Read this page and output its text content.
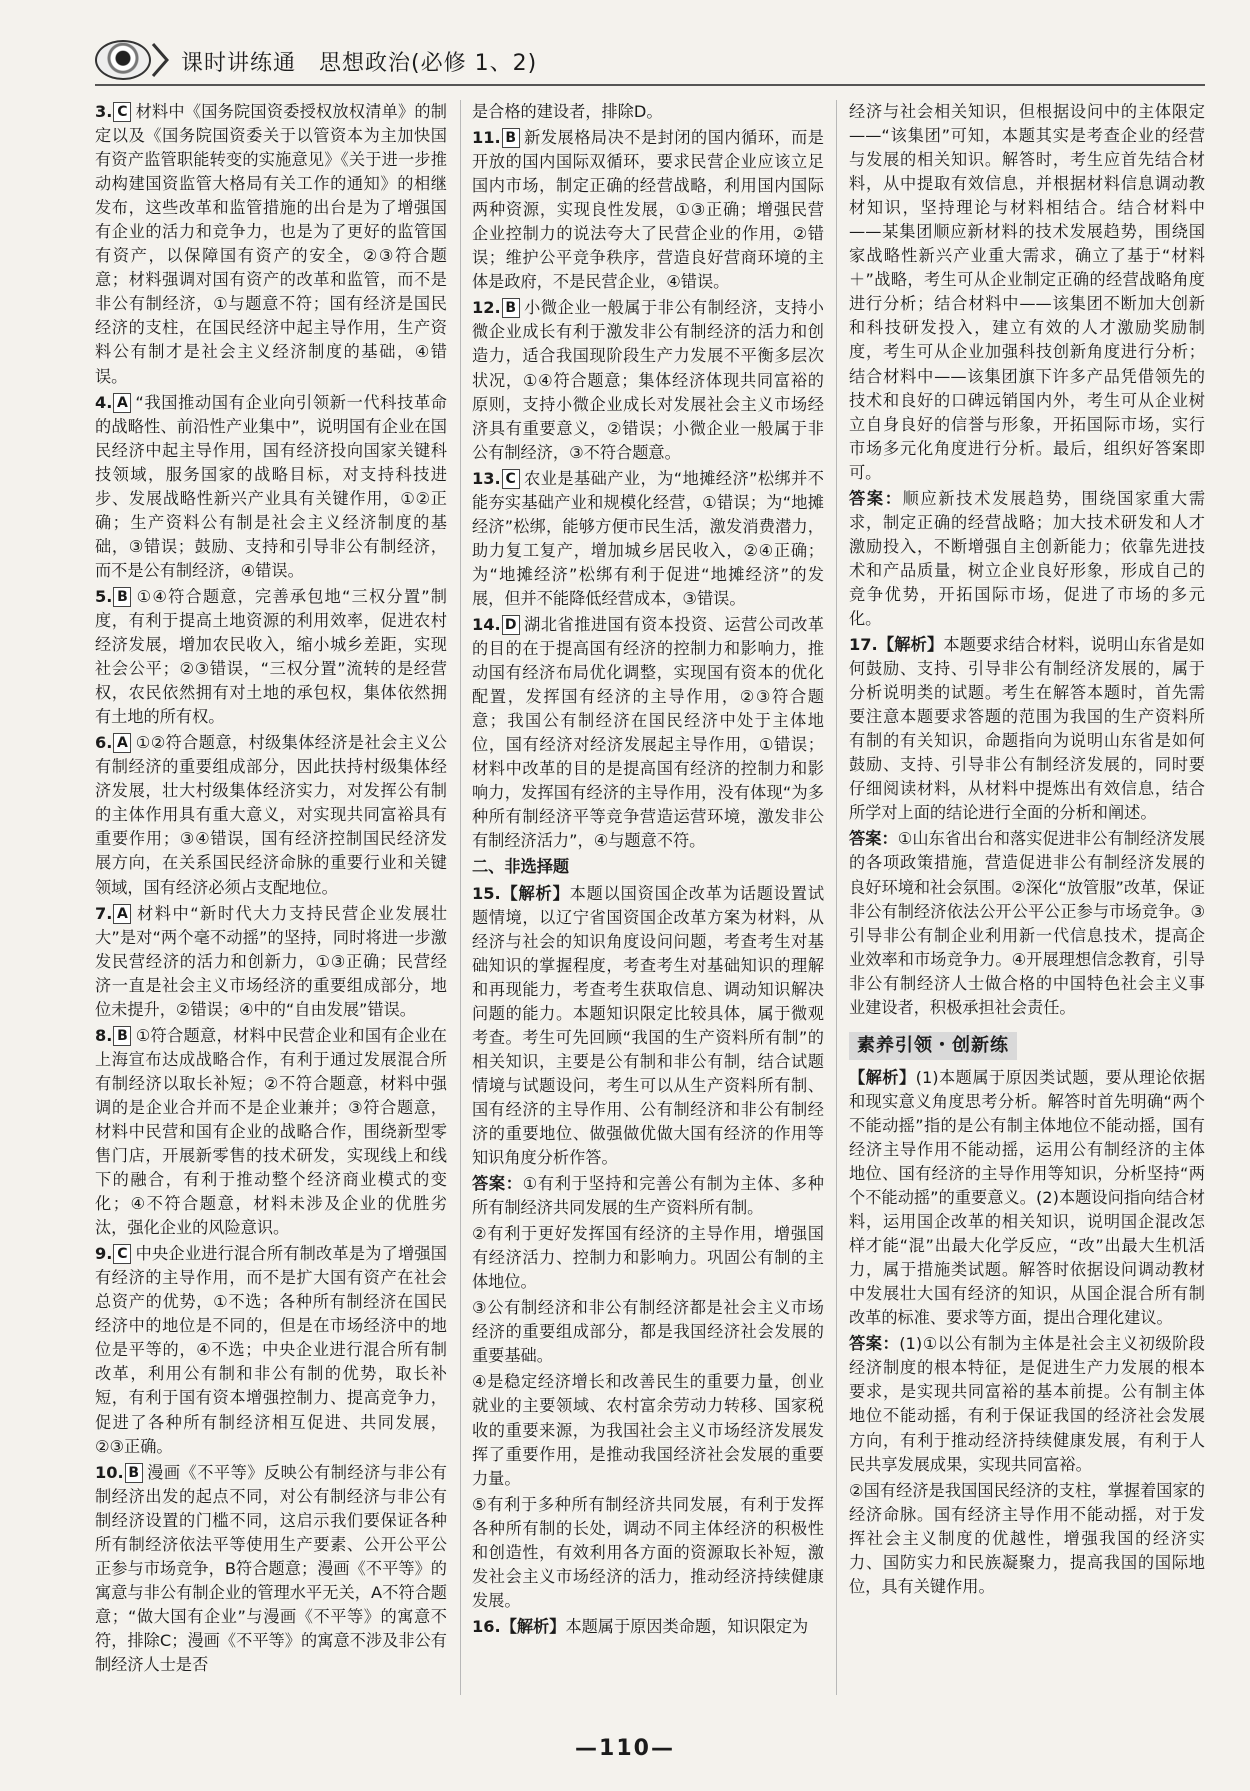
课时讲练通　思想政治(必修 1、2)
3. C 材料中《国务院国资委授权放权清单》的制定以及《国务院国资委关于以管资本为主加快国有资产监管职能转变的实施意见》《关于进一步推动构建国资监管大格局有关工作的通知》的相继发布，这些改革和监管措施的出台是为了增强国有企业的活力和竞争力，也是为了更好的监管国有资产，以保障国有资产的安全，②③符合题意；材料强调对国有资产的改革和监管，而不是非公有制经济，①与题意不符；国有经济是国民经济的支柱，在国民经济中起主导作用，生产资料公有制才是社会主义经济制度的基础，④错误。
4. A “我国推动国有企业向引领新一代科技革命的战略性、前沿性产业集中”，说明国有企业在国民经济中起主导作用，国有经济投向国家关键科技领域，服务国家的战略目标，对支持科技进步、发展战略性新兴产业具有关键作用，①②正确；生产资料公有制是社会主义经济制度的基础，③错误；鼓励、支持和引导非公有制经济，而不是公有制经济，④错误。
5. B ①④符合题意，完善承包地“三权分置”制度，有利于提高土地资源的利用效率，促进农村经济发展，增加农民收入，缩小城乡差距，实现社会公平；②③错误，“三权分置”流转的是经营权，农民依然拥有对土地的承包权，集体依然拥有土地的所有权。
6. A ①②符合题意，村级集体经济是社会主义公有制经济的重要组成部分，因此扶持村级集体经济发展，壮大村级集体经济实力，对发挥公有制的主体作用具有重大意义，对实现共同富裕具有重要作用；③④错误，国有经济控制国民经济发展方向，在关系国民经济命脉的重要行业和关键领域，国有经济必须占支配地位。
7. A 材料中“新时代大力支持民营企业发展壮大”是对“两个毫不动摇”的坚持，同时将进一步激发民营经济的活力和创新力，①③正确；民营经济一直是社会主义市场经济的重要组成部分，地位未提升，②错误；④中的“自由发展”错误。
8. B ①符合题意，材料中民营企业和国有企业在上海宣布达成战略合作，有利于通过发展混合所有制经济以取长补短；②不符合题意，材料中强调的是企业合并而不是企业兼并；③符合题意，材料中民营和国有企业的战略合作，围绕新型零售门店，开展新零售的技术研发，实现线上和线下的融合，有利于推动整个经济商业模式的变化；④不符合题意，材料未涉及企业的优胜劣汰，强化企业的风险意识。
9. C 中央企业进行混合所有制改革是为了增强国有经济的主导作用，而不是扩大国有资产在社会总资产的优势，①不选；各种所有制经济在国民经济中的地位是不同的，但是在市场经济中的地位是平等的，④不选；中央企业进行混合所有制改革，利用公有制和非公有制的优势，取长补短，有利于国有资本增强控制力、提高竞争力，促进了各种所有制经济相互促进、共同发展，②③正确。
10. B 漫画《不平等》反映公有制经济与非公有制经济出发的起点不同，对公有制经济与非公有制经济设置的门槛不同，这启示我们要保证各种所有制经济依法平等使用生产要素、公开公平公正参与市场竞争，B符合题意；漫画《不平等》的寓意与非公有制企业的管理水平无关，A不符合题意；“做大国有企业”与漫画《不平等》的寓意不符，排除C；漫画《不平等》的寓意不涉及非公有制经济人士是否
是合格的建设者，排除D。
11. B 新发展格局决不是封闭的国内循环，而是开放的国内国际双循环，要求民营企业应该立足国内市场，制定正确的经营战略，利用国内国际两种资源，实现良性发展，①③正确；增强民营企业控制力的说法夸大了民营企业的作用，②错误；维护公平竞争秩序，营造良好营商环境的主体是政府，不是民营企业，④错误。
12. B 小微企业一般属于非公有制经济，支持小微企业成长有利于激发非公有制经济的活力和创造力，适合我国现阶段生产力发展不平衡多层次状况，①④符合题意；集体经济体现共同富裕的原则，支持小微企业成长对发展社会主义市场经济具有重要意义，②错误；小微企业一般属于非公有制经济，③不符合题意。
13. C 农业是基础产业，为“地摊经济”松绑并不能夯实基础产业和规模化经营，①错误；为“地摊经济”松绑，能够方便市民生活，激发消费潜力，助力复工复产，增加城乡居民收入，②④正确；为“地摊经济”松绑有利于促进“地摊经济”的发展，但并不能降低经营成本，③错误。
14. D 湖北省推进国有资本投资、运营公司改革的目的在于提高国有经济的控制力和影响力，推动国有经济布局优化调整，实现国有资本的优化配置，发挥国有经济的主导作用，②③符合题意；我国公有制经济在国民经济中处于主体地位，国有经济对经济发展起主导作用，①错误；材料中改革的目的是提高国有经济的控制力和影响力，发挥国有经济的主导作用，没有体现“为多种所有制经济平等竞争营造运营环境，激发非公有制经济活力”，④与题意不符。
二、非选择题
15.【解析】本题以国资国企改革为话题设置试题情境，以辽宁省国资国企改革方案为材料，从经济与社会的知识角度设问问题，考查考生对基础知识的掌握程度，考查考生对基础知识的理解和再现能力，考查考生获取信息、调动知识解决问题的能力。本题知识限定比较具体，属于微观考查。考生可先回顾“我国的生产资料所有制”的相关知识，主要是公有制和非公有制，结合试题情境与试题设问，考生可以从生产资料所有制、国有经济的主导作用、公有制经济和非公有制经济的重要地位、做强做优做大国有经济的作用等知识角度分析作答。
答案：①有利于坚持和完善公有制为主体、多种所有制经济共同发展的生产资料所有制。
②有利于更好发挥国有经济的主导作用，增强国有经济活力、控制力和影响力。巩固公有制的主体地位。
③公有制经济和非公有制经济都是社会主义市场经济的重要组成部分，都是我国经济社会发展的重要基础。
④是稳定经济增长和改善民生的重要力量，创业就业的主要领域、农村富余劳动力转移、国家税收的重要来源，为我国社会主义市场经济发展发挥了重要作用，是推动我国经济社会发展的重要力量。
⑤有利于多种所有制经济共同发展，有利于发挥各种所有制的长处，调动不同主体经济的积极性和创造性，有效利用各方面的资源取长补短，激发社会主义市场经济的活力，推动经济持续健康发展。
16.【解析】本题属于原因类命题，知识限定为
经济与社会相关知识，但根据设问中的主体限定——“该集团”可知，本题其实是考查企业的经营与发展的相关知识。解答时，考生应首先结合材料，从中提取有效信息，并根据材料信息调动教材知识，坚持理论与材料相结合。结合材料中——某集团顺应新材料的技术发展趋势，围绕国家战略性新兴产业重大需求，确立了基于“材料＋”战略，考生可从企业制定正确的经营战略角度进行分析；结合材料中——该集团不断加大创新和科技研发投入，建立有效的人才激励奖励制度，考生可从企业加强科技创新角度进行分析；结合材料中——该集团旗下许多产品凭借领先的技术和良好的口碑远销国内外，考生可从企业树立自身良好的信誉与形象，开拓国际市场，实行市场多元化角度进行分析。最后，组织好答案即可。
答案：顺应新技术发展趋势，围绕国家重大需求，制定正确的经营战略；加大技术研发和人才激励投入，不断增强自主创新能力；依靠先进技术和产品质量，树立企业良好形象，形成自己的竞争优势，开拓国际市场，促进了市场的多元化。
17.【解析】本题要求结合材料，说明山东省是如何鼓励、支持、引导非公有制经济发展的，属于分析说明类的试题。考生在解答本题时，首先需要注意本题要求答题的范围为我国的生产资料所有制的有关知识，命题指向为说明山东省是如何鼓励、支持、引导非公有制经济发展的，同时要仔细阅读材料，从材料中提炼出有效信息，结合所学对上面的结论进行全面的分析和阐述。
答案：①山东省出台和落实促进非公有制经济发展的各项政策措施，营造促进非公有制经济发展的良好环境和社会氛围。②深化“放管服”改革，保证非公有制经济依法公开公平公正参与市场竞争。③引导非公有制企业利用新一代信息技术，提高企业效率和市场竞争力。④开展理想信念教育，引导非公有制经济人士做合格的中国特色社会主义事业建设者，积极承担社会责任。
素养引领・创新练
【解析】(1)本题属于原因类试题，要从理论依据和现实意义角度思考分析。解答时首先明确“两个不能动摇”指的是公有制主体地位不能动摇，国有经济主导作用不能动摇，运用公有制经济的主体地位、国有经济的主导作用等知识，分析坚持“两个不能动摇”的重要意义。(2)本题设问指向结合材料，运用国企改革的相关知识，说明国企混改怎样才能“混”出最大化学反应，“改”出最大生机活力，属于措施类试题。解答时依据设问调动教材中发展壮大国有经济的知识，从国企混合所有制改革的标准、要求等方面，提出合理化建议。
答案：(1)①以公有制为主体是社会主义初级阶段经济制度的根本特征，是促进生产力发展的根本要求，是实现共同富裕的基本前提。公有制主体地位不能动摇，有利于保证我国的经济社会发展方向，有利于推动经济持续健康发展，有利于人民共享发展成果，实现共同富裕。
②国有经济是我国国民经济的支柱，掌握着国家的经济命脉。国有经济主导作用不能动摇，对于发挥社会主义制度的优越性，增强我国的经济实力、国防实力和民族凝聚力，提高我国的国际地位，具有关键作用。
—110—
